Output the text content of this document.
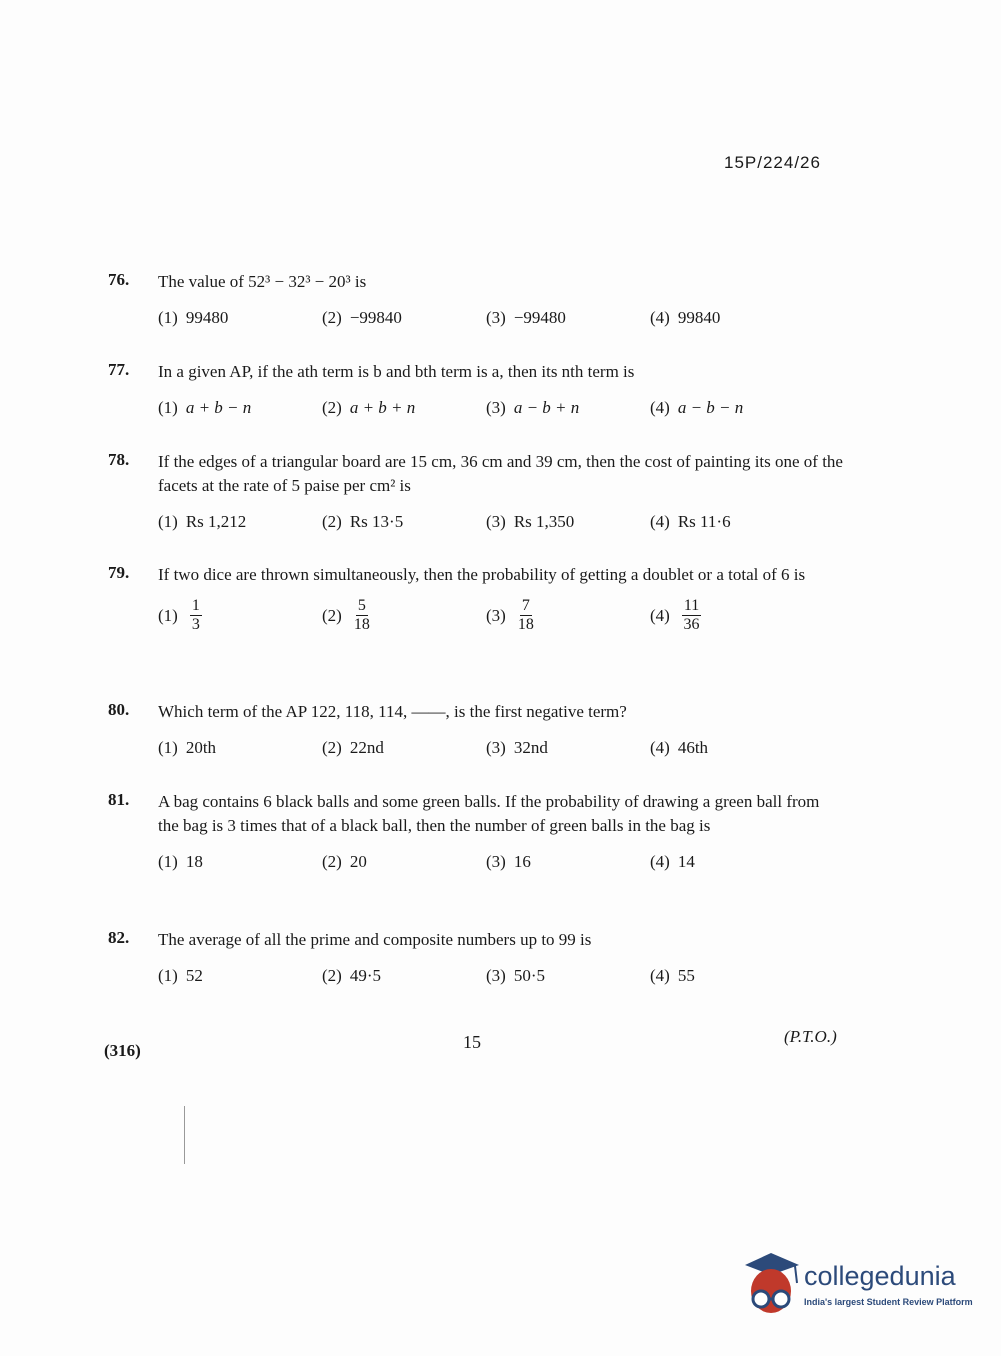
15P/224/26
76. The value of 52³ − 32³ − 20³ is
(1) 99480	(2) −99840	(3) −99480	(4) 99840
77. In a given AP, if the ath term is b and bth term is a, then its nth term is
(1) a + b − n	(2) a + b + n	(3) a − b + n	(4) a − b − n
78. If the edges of a triangular board are 15 cm, 36 cm and 39 cm, then the cost of painting its one of the facets at the rate of 5 paise per cm² is
(1) Rs 1,212	(2) Rs 13·5	(3) Rs 1,350	(4) Rs 11·6
79. If two dice are thrown simultaneously, then the probability of getting a doublet or a total of 6 is
$(1) \frac{1}{3}$	$(2) \frac{5}{18}$	$(3) \frac{7}{18}$	$(4) \frac{11}{36}$
80. Which term of the AP 122, 118, 114, ——, is the first negative term?
(1) 20th	(2) 22nd	(3) 32nd	(4) 46th
81. A bag contains 6 black balls and some green balls. If the probability of drawing a green ball from the bag is 3 times that of a black ball, then the number of green balls in the bag is
(1) 18	(2) 20	(3) 16	(4) 14
82. The average of all the prime and composite numbers up to 99 is
(1) 52	(2) 49·5	(3) 50·5	(4) 55
(316)	15	(P.T.O.)
collegedunia
India's largest Student Review Platform
